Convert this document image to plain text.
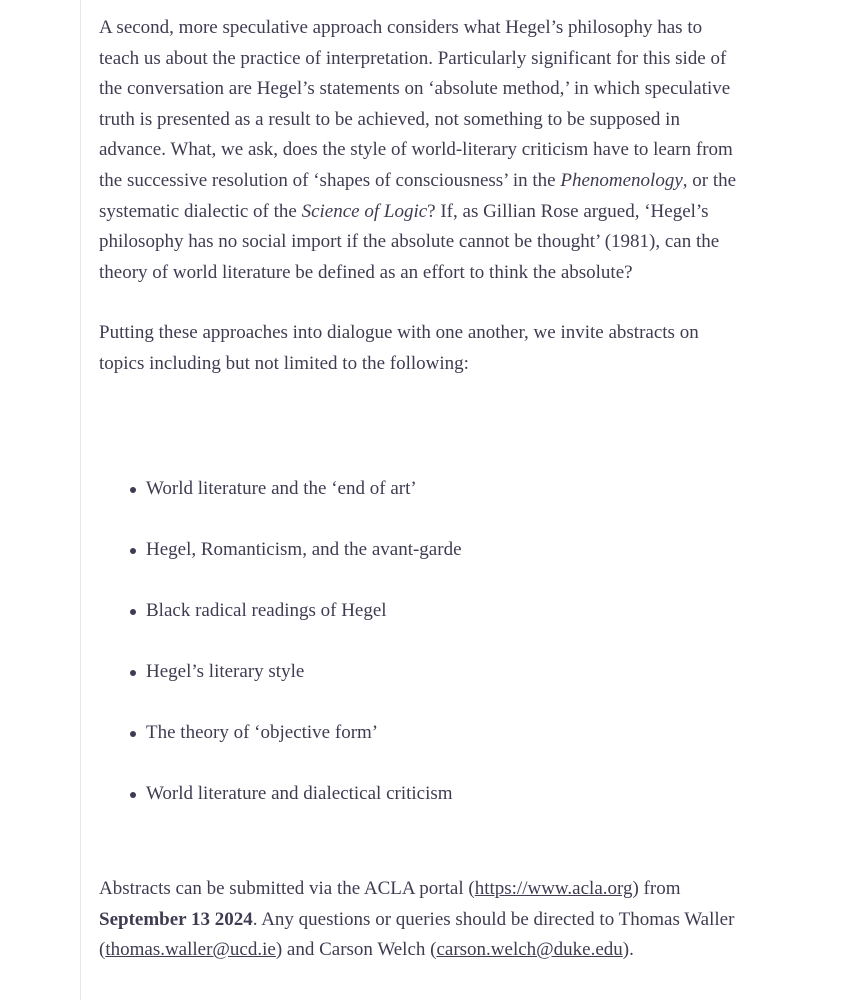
A second, more speculative approach considers what Hegel’s philosophy has to teach us about the practice of interpretation. Particularly significant for this side of the conversation are Hegel’s statements on ‘absolute method,’ in which speculative truth is presented as a result to be achieved, not something to be supposed in advance. What, we ask, does the style of world-literary criticism have to learn from the successive resolution of ‘shapes of consciousness’ in the Phenomenology, or the systematic dialectic of the Science of Logic? If, as Gillian Rose argued, ‘Hegel’s philosophy has no social import if the absolute cannot be thought’ (1981), can the theory of world literature be defined as an effort to think the absolute?

Putting these approaches into dialogue with one another, we invite abstracts on topics including but not limited to the following:

World literature and the ‘end of art’
Hegel, Romanticism, and the avant-garde
Black radical readings of Hegel
Hegel’s literary style
The theory of ‘objective form’
World literature and dialectical criticism

Abstracts can be submitted via the ACLA portal (https://www.acla.org) from September 13 2024. Any questions or queries should be directed to Thomas Waller (thomas.waller@ucd.ie) and Carson Welch (carson.welch@duke.edu).
